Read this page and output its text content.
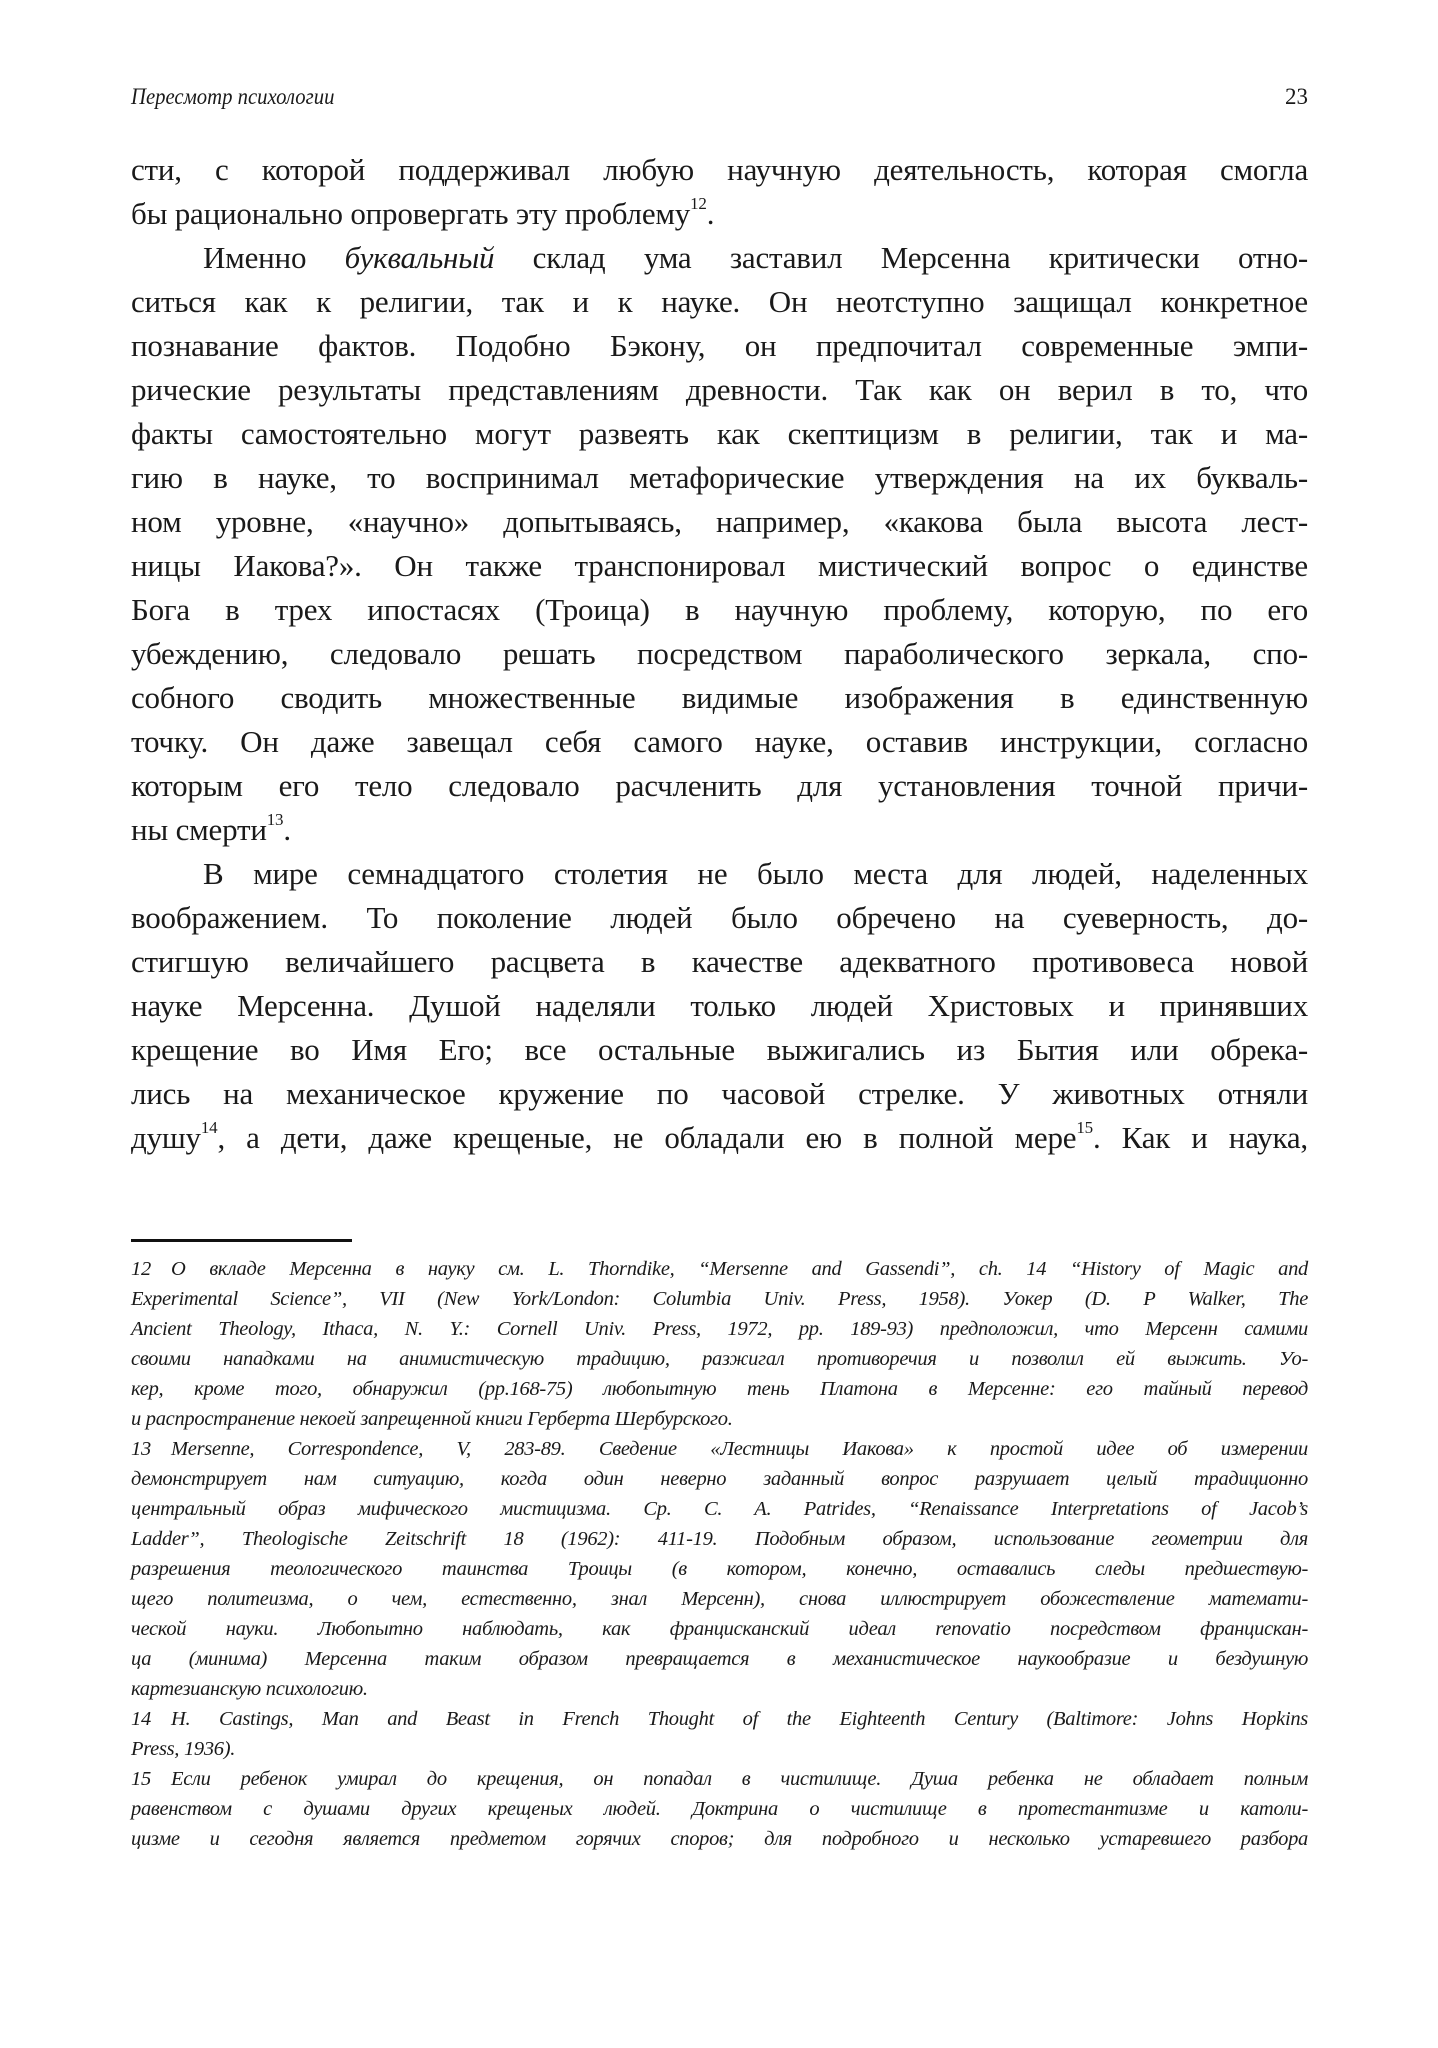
Пересмотр психологии	23
сти, с которой поддерживал любую научную деятельность, которая смогла
бы рационально опровергать эту проблему$^{12}$.
Именно буквальный склад ума заставил Мерсенна критически отно-
ситься как к религии, так и к науке. Он неотступно защищал конкретное
познавание фактов. Подобно Бэкону, он предпочитал современные эмпи-
рические результаты представлениям древности. Так как он верил в то, что
факты самостоятельно могут развеять как скептицизм в религии, так и ма-
гию в науке, то воспринимал метафорические утверждения на их букваль-
ном уровне, «научно» допытываясь, например, «какова была высота лест-
ницы Иакова?». Он также транспонировал мистический вопрос о единстве
Бога в трех ипостасях (Троица) в научную проблему, которую, по его
убеждению, следовало решать посредством параболического зеркала, спо-
собного сводить множественные видимые изображения в единственную
точку. Он даже завещал себя самого науке, оставив инструкции, согласно
которым его тело следовало расчленить для установления точной причи-
ны смерти$^{13}$.
В мире семнадцатого столетия не было места для людей, наделенных
воображением. То поколение людей было обречено на суеверность, до-
стигшую величайшего расцвета в качестве адекватного противовеса новой
науке Мерсенна. Душой наделяли только людей Христовых и принявших
крещение во Имя Его; все остальные выжигались из Бытия или обрека-
лись на механическое кружение по часовой стрелке. У животных отняли
душу$^{14}$, а дети, даже крещеные, не обладали ею в полной мере$^{15}$. Как и наука,
12 О вкладе Мерсенна в науку см. L. Thorndike, “Mersenne and Gassendi”, ch. 14 “History of Magic and
Experimental Science”, VII (New York/London: Columbia Univ. Press, 1958). Уокер (D. P Walker, The
Ancient Theology, Ithaca, N. Y.: Cornell Univ. Press, 1972, pp. 189-93) предположил, что Мерсенн самими
своими нападками на анимистическую традицию, разжигал противоречия и позволил ей выжить. Уо-
кер, кроме того, обнаружил (pp.168-75) любопытную тень Платона в Мерсенне: его тайный перевод
и распространение некоей запрещенной книги Герберта Шербурского.
13 Mersenne, Correspondence, V, 283-89. Сведение «Лестницы Иакова» к простой идее об измерении
демонстрирует нам ситуацию, когда один неверно заданный вопрос разрушает целый традиционно
центральный образ мифического мистицизма. Ср. C. A. Patrides, “Renaissance Interpretations of Jacob’s
Ladder”, Theologische Zeitschrift 18 (1962): 411-19. Подобным образом, использование геометрии для
разрешения теологического таинства Троицы (в котором, конечно, оставались следы предшествую-
щего политеизма, о чем, естественно, знал Мерсенн), снова иллюстрирует обожествление математи-
ческой науки. Любопытно наблюдать, как францисканский идеал renovatio посредством францискан-
ца (минима) Мерсенна таким образом превращается в механистическое наукообразие и бездушную
картезианскую психологию.
14 H. Castings, Man and Beast in French Thought of the Eighteenth Century (Baltimore: Johns Hopkins
Press, 1936).
15 Если ребенок умирал до крещения, он попадал в чистилище. Душа ребенка не обладает полным
равенством с душами других крещеных людей. Доктрина о чистилище в протестантизме и католи-
цизме и сегодня является предметом горячих споров; для подробного и несколько устаревшего разбора
